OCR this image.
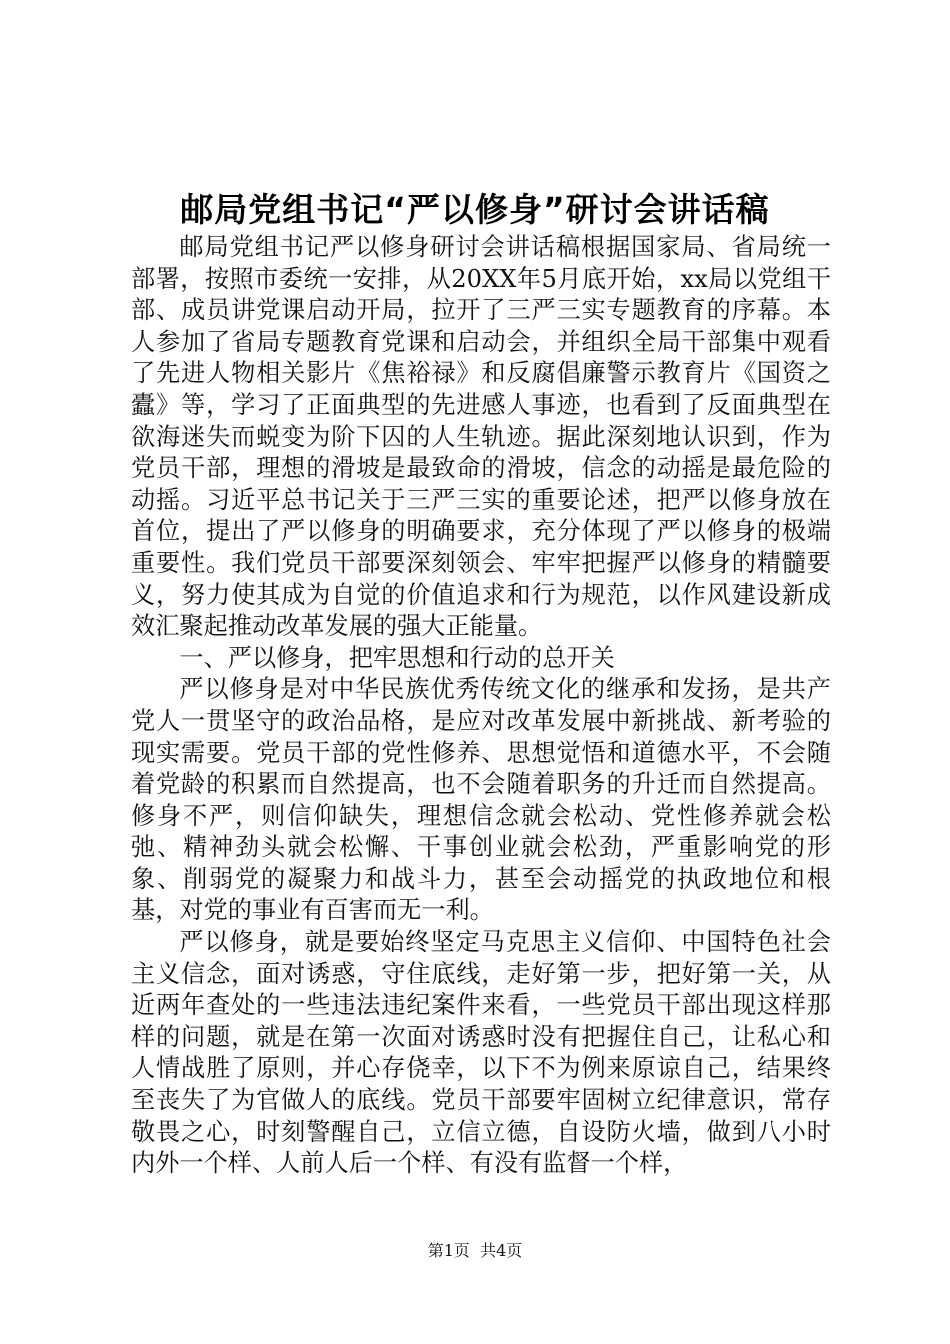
邮局党组书记“严以修身”研讨会讲话稿

邮局党组书记严以修身研讨会讲话稿根据国家局、省局统一部署，按照市委统一安排，从20XX年5月底开始，xx局以党组干部、成员讲党课启动开局，拉开了三严三实专题教育的序幕。本人参加了省局专题教育党课和启动会，并组织全局干部集中观看了先进人物相关影片《焦裕禄》和反腐倡廉警示教育片《国资之蠹》等，学习了正面典型的先进感人事迹，也看到了反面典型在欲海迷失而蜕变为阶下囚的人生轨迹。据此深刻地认识到，作为党员干部，理想的滑坡是最致命的滑坡，信念的动摇是最危险的动摇。习近平总书记关于三严三实的重要论述，把严以修身放在首位，提出了严以修身的明确要求，充分体现了严以修身的极端重要性。我们党员干部要深刻领会、牢牢把握严以修身的精髓要义，努力使其成为自觉的价值追求和行为规范，以作风建设新成效汇聚起推动改革发展的强大正能量。

一、严以修身，把牢思想和行动的总开关

严以修身是对中华民族优秀传统文化的继承和发扬，是共产党人一贯坚守的政治品格，是应对改革发展中新挑战、新考验的现实需要。党员干部的党性修养、思想觉悟和道德水平，不会随着党龄的积累而自然提高，也不会随着职务的升迁而自然提高。修身不严，则信仰缺失，理想信念就会松动、党性修养就会松弛、精神劲头就会松懈、干事创业就会松劲，严重影响党的形象、削弱党的凝聚力和战斗力，甚至会动摇党的执政地位和根基，对党的事业有百害而无一利。

严以修身，就是要始终坚定马克思主义信仰、中国特色社会主义信念，面对诱惑，守住底线，走好第一步，把好第一关，从近两年查处的一些违法违纪案件来看，一些党员干部出现这样那样的问题，就是在第一次面对诱惑时没有把握住自己，让私心和人情战胜了原则，并心存侥幸，以下不为例来原谅自己，结果终至丧失了为官做人的底线。党员干部要牢固树立纪律意识，常存敬畏之心，时刻警醒自己，立信立德，自设防火墙，做到八小时内外一个样、人前人后一个样、有没有监督一个样，

第1页 共4页
